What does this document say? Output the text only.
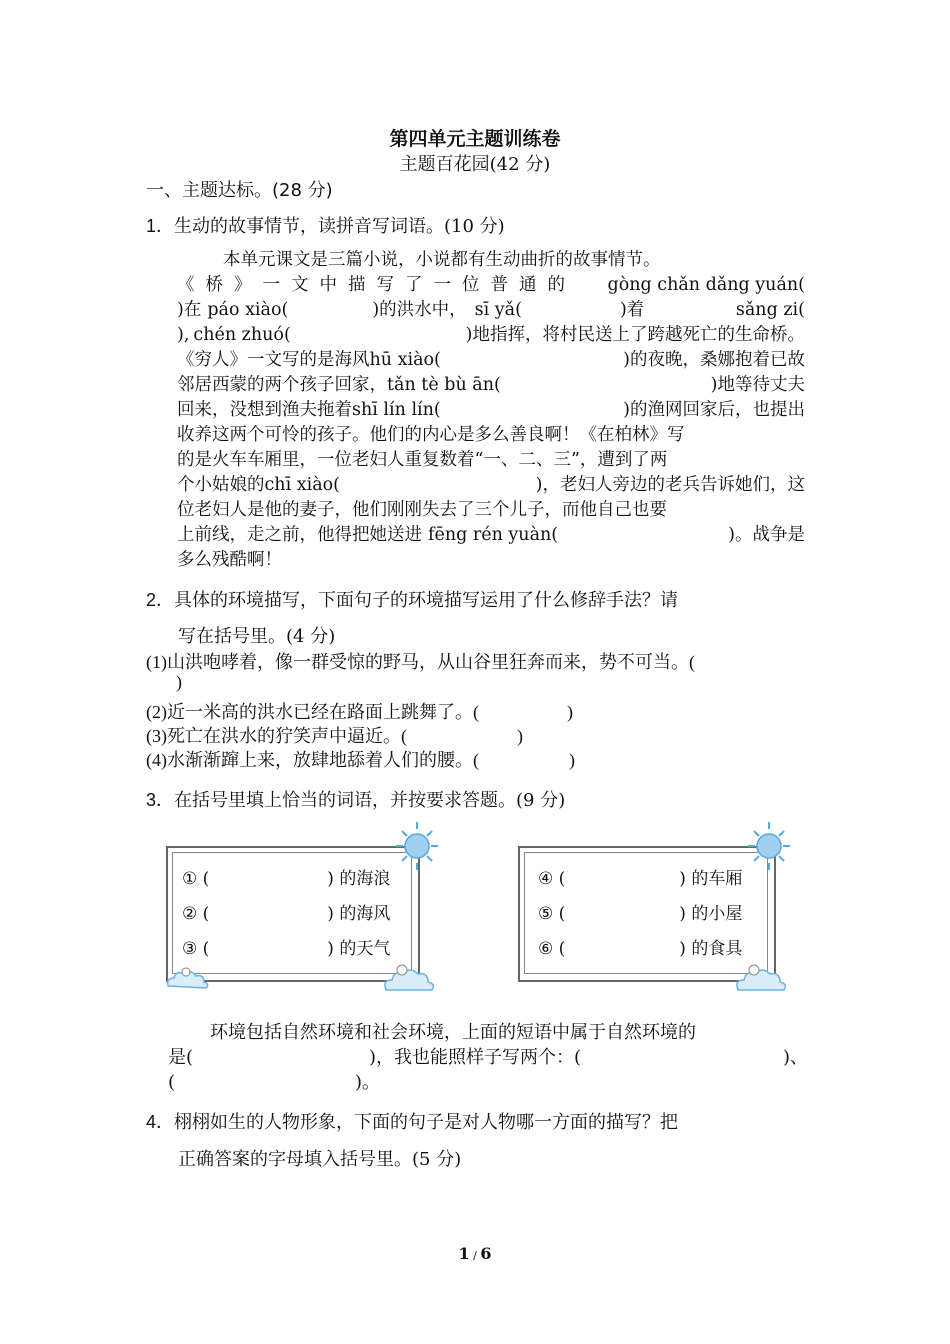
第四单元主题训练卷
主题百花园(42 分)
一、主题达标。(28 分)
1．生动的故事情节，读拼音写词语。(10 分)
本单元课文是三篇小说，小说都有生动曲折的故事情节。
《桥》一文中描写了一位普通的 gòng chǎn dǎng yuán(
)在 páo xiào(	)的洪水中， sī yǎ(	)着	sǎng zi(
), chén zhuó(	)地指挥，将村民送上了跨越死亡的生命桥。
《穷人》一文写的是海风 hū xiào(	)的夜晚，桑娜抱着已故
邻居西蒙的两个孩子回家， tǎn tè bù ān(	)地等待丈夫
回来，没想到渔夫拖着 shī lín lín(	)的渔网回家后，也提出
收养这两个可怜的孩子。他们的内心是多么善良啊！《在柏林》写
的是火车车厢里，一位老妇人重复数着“一、二、三”，遭到了两
个小姑娘的 chī xiào(	)，老妇人旁边的老兵告诉她们，这
位老妇人是他的妻子，他们刚刚失去了三个儿子，而他自己也要
上前线，走之前，他得把她送进 fēng rén yuàn(	)。战争是
多么残酷啊！
2．具体的环境描写，下面句子的环境描写运用了什么修辞手法？请
写在括号里。(4 分)
(1)山洪咆哮着，像一群受惊的野马，从山谷里狂奔而来，势不可当。(
)
(2)近一米高的洪水已经在路面上跳舞了。(	)
(3)死亡在洪水的狞笑声中逼近。(	)
(4)水渐渐蹿上来，放肆地舔着人们的腰。(	)
3．在括号里填上恰当的词语，并按要求答题。(9 分)
① (	) 的海浪
② (	) 的海风
③ (	) 的天气
④ (	) 的车厢
⑤ (	) 的小屋
⑥ (	) 的食具
环境包括自然环境和社会环境，上面的短语中属于自然环境的
是(	)，我也能照样子写两个：(	)、
(	)。
4．栩栩如生的人物形象，下面的句子是对人物哪一方面的描写？把
正确答案的字母填入括号里。(5 分)
1 / 6
